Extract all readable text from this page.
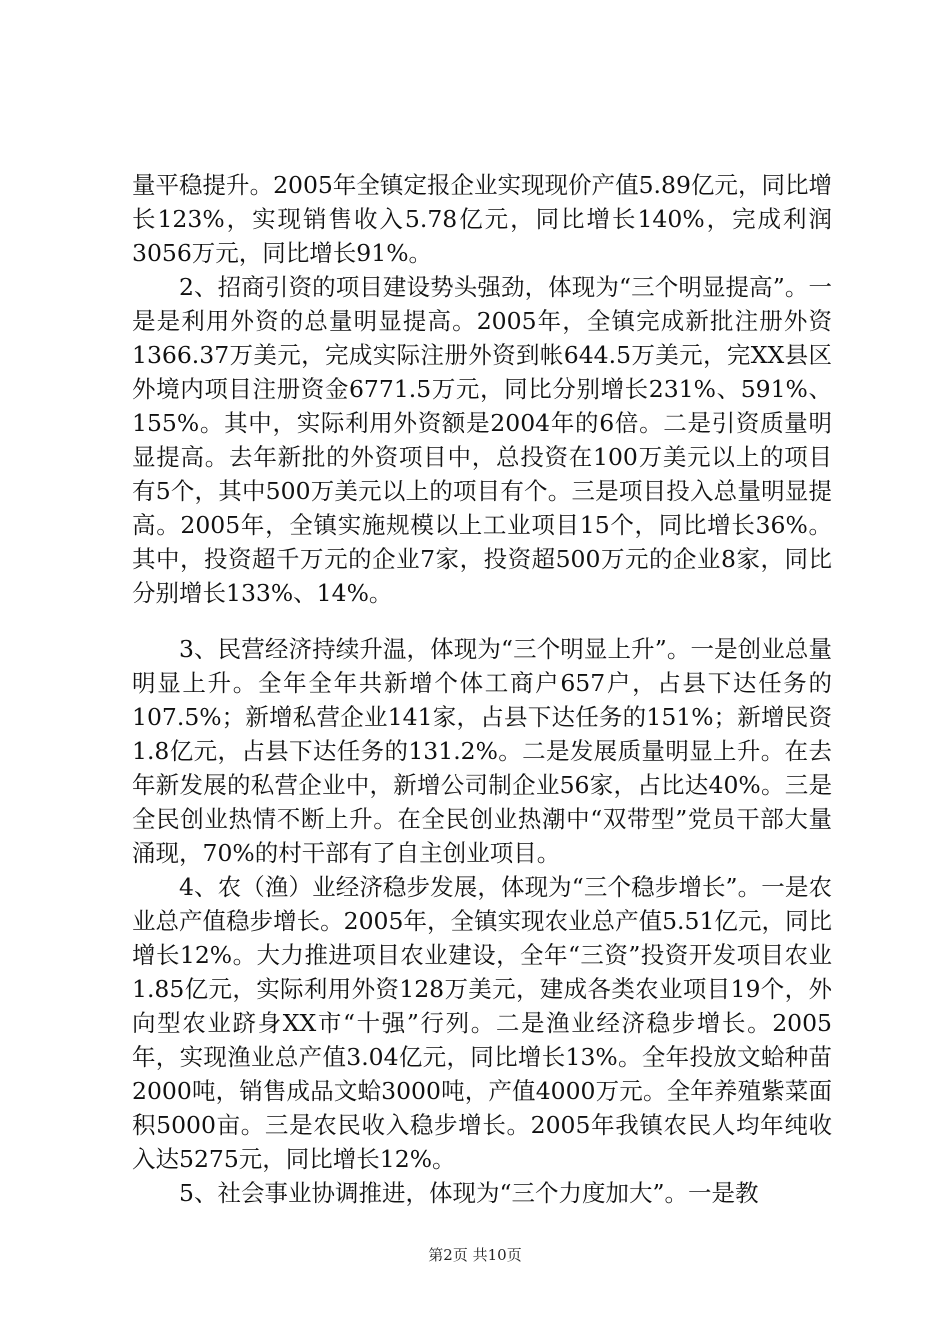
量平稳提升。2005年全镇定报企业实现现价产值5.89亿元，同比增长123%，实现销售收入5.78亿元，同比增长140%，完成利润3056万元，同比增长91%。

2、招商引资的项目建设势头强劲，体现为“三个明显提高”。一是是利用外资的总量明显提高。2005年，全镇完成新批注册外资1366.37万美元，完成实际注册外资到帐644.5万美元，完XX县区外境内项目注册资金6771.5万元，同比分别增长231%、591%、155%。其中，实际利用外资额是2004年的6倍。二是引资质量明显提高。去年新批的外资项目中，总投资在100万美元以上的项目有5个，其中500万美元以上的项目有个。三是项目投入总量明显提高。2005年，全镇实施规模以上工业项目15个，同比增长36%。其中，投资超千万元的企业7家，投资超500万元的企业8家，同比分别增长133%、14%。

3、民营经济持续升温，体现为“三个明显上升”。一是创业总量明显上升。全年全年共新增个体工商户657户，占县下达任务的107.5%；新增私营企业141家，占县下达任务的151%；新增民资1.8亿元，占县下达任务的131.2%。二是发展质量明显上升。在去年新发展的私营企业中，新增公司制企业56家，占比达40%。三是全民创业热情不断上升。在全民创业热潮中“双带型”党员干部大量涌现，70%的村干部有了自主创业项目。

4、农（渔）业经济稳步发展，体现为“三个稳步增长”。一是农业总产值稳步增长。2005年，全镇实现农业总产值5.51亿元，同比增长12%。大力推进项目农业建设，全年“三资”投资开发项目农业1.85亿元，实际利用外资128万美元，建成各类农业项目19个，外向型农业跻身XX市“十强”行列。二是渔业经济稳步增长。2005年，实现渔业总产值3.04亿元，同比增长13%。全年投放文蛤种苗2000吨，销售成品文蛤3000吨，产值4000万元。全年养殖紫菜面积5000亩。三是农民收入稳步增长。2005年我镇农民人均年纯收入达5275元，同比增长12%。

5、社会事业协调推进，体现为“三个力度加大”。一是教

第2页 共10页
